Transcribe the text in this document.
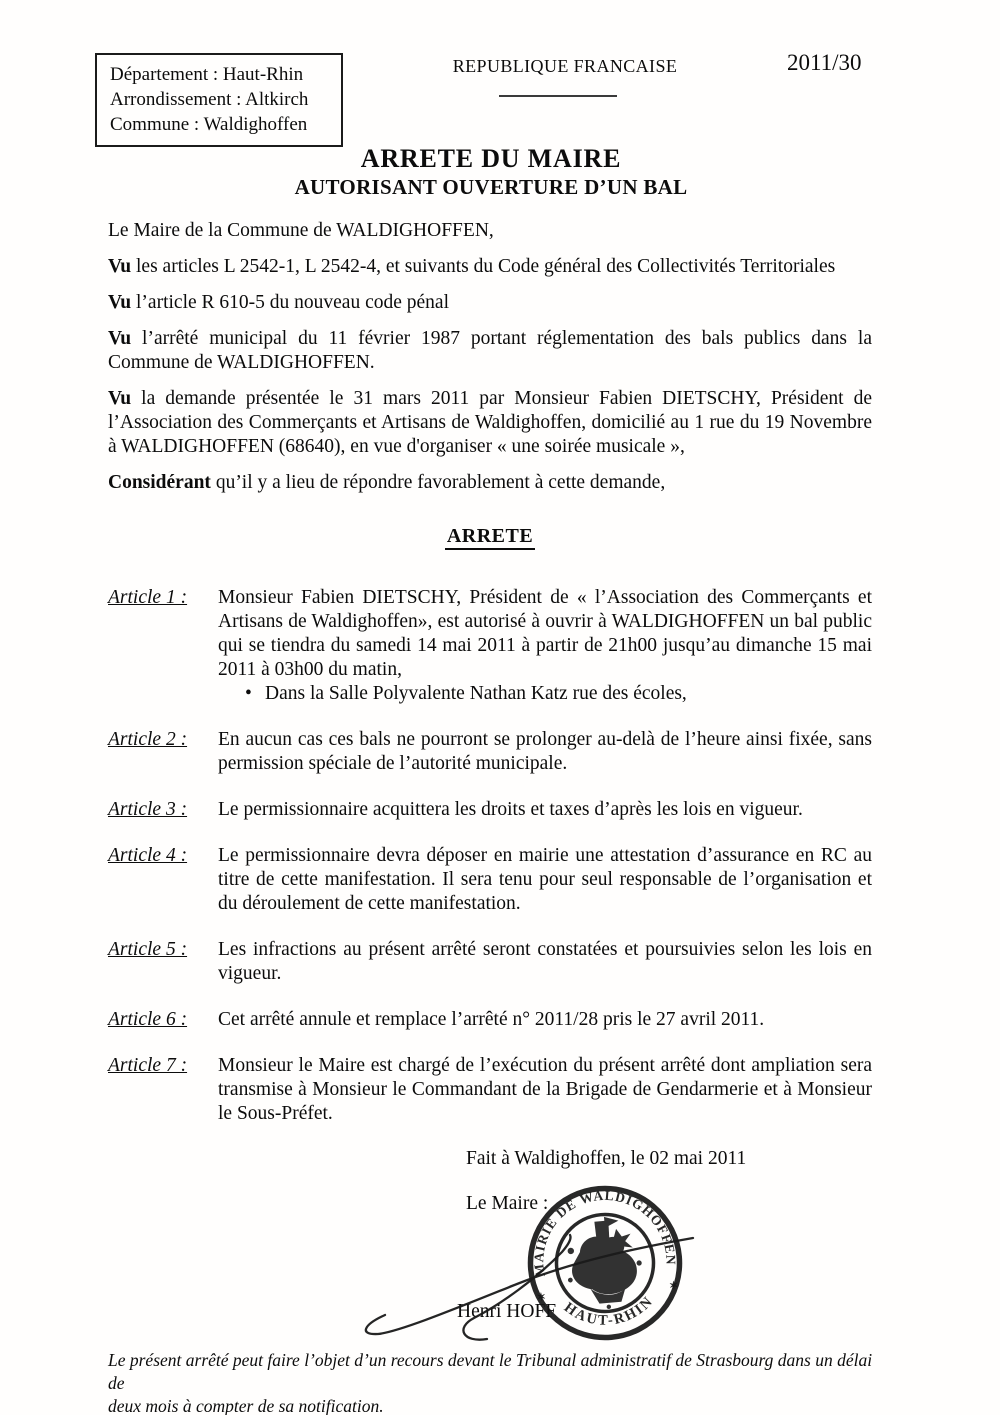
Département : Haut-Rhin
Arrondissement : Altkirch
Commune : Waldighoffen
REPUBLIQUE FRANCAISE	2011/30
ARRETE DU MAIRE
AUTORISANT OUVERTURE D’UN BAL

Le Maire de la Commune de WALDIGHOFFEN,

Vu les articles L 2542-1, L 2542-4, et suivants du Code général des Collectivités Territoriales

Vu l’article R 610-5 du nouveau code pénal

Vu l’arrêté municipal du 11 février 1987 portant réglementation des bals publics dans la Commune de WALDIGHOFFEN.

Vu la demande présentée le 31 mars 2011 par Monsieur Fabien DIETSCHY, Président de l’Association des Commerçants et Artisans de Waldighoffen, domicilié au 1 rue du 19 Novembre à WALDIGHOFFEN (68640), en vue d'organiser « une soirée musicale »,

Considérant qu’il y a lieu de répondre favorablement à cette demande,

ARRETE
Article 1 :	Monsieur Fabien DIETSCHY, Président de « l’Association des Commerçants et Artisans de Waldighoffen», est autorisé à ouvrir à WALDIGHOFFEN un bal public qui se tiendra du samedi 14 mai 2011 à partir de 21h00 jusqu’au dimanche 15 mai 2011 à 03h00 du matin,
• Dans la Salle Polyvalente Nathan Katz rue des écoles,
Article 2 :	En aucun cas ces bals ne pourront se prolonger au-delà de l’heure ainsi fixée, sans permission spéciale de l’autorité municipale.
Article 3 :	Le permissionnaire acquittera les droits et taxes d’après les lois en vigueur.
Article 4 :	Le permissionnaire devra déposer en mairie une attestation d’assurance en RC au titre de cette manifestation. Il sera tenu pour seul responsable de l’organisation et du déroulement de cette manifestation.
Article 5 :	Les infractions au présent arrêté seront constatées et poursuivies selon les lois en vigueur.
Article 6 :	Cet arrêté annule et remplace l’arrêté n° 2011/28 pris le 27 avril 2011.
Article 7 :	Monsieur le Maire est chargé de l’exécution du présent arrêté dont ampliation sera transmise à Monsieur le Commandant de la Brigade de Gendarmerie et à Monsieur le Sous-Préfet.
Fait à Waldighoffen, le 02 mai 2011
Le Maire :
Henri HOFF
MAIRIE DE WALDIGHOFFEN
HAUT-RHIN
✶
✶
Le présent arrêté peut faire l’objet d’un recours devant le Tribunal administratif de Strasbourg dans un délai de
deux mois à compter de sa notification.
